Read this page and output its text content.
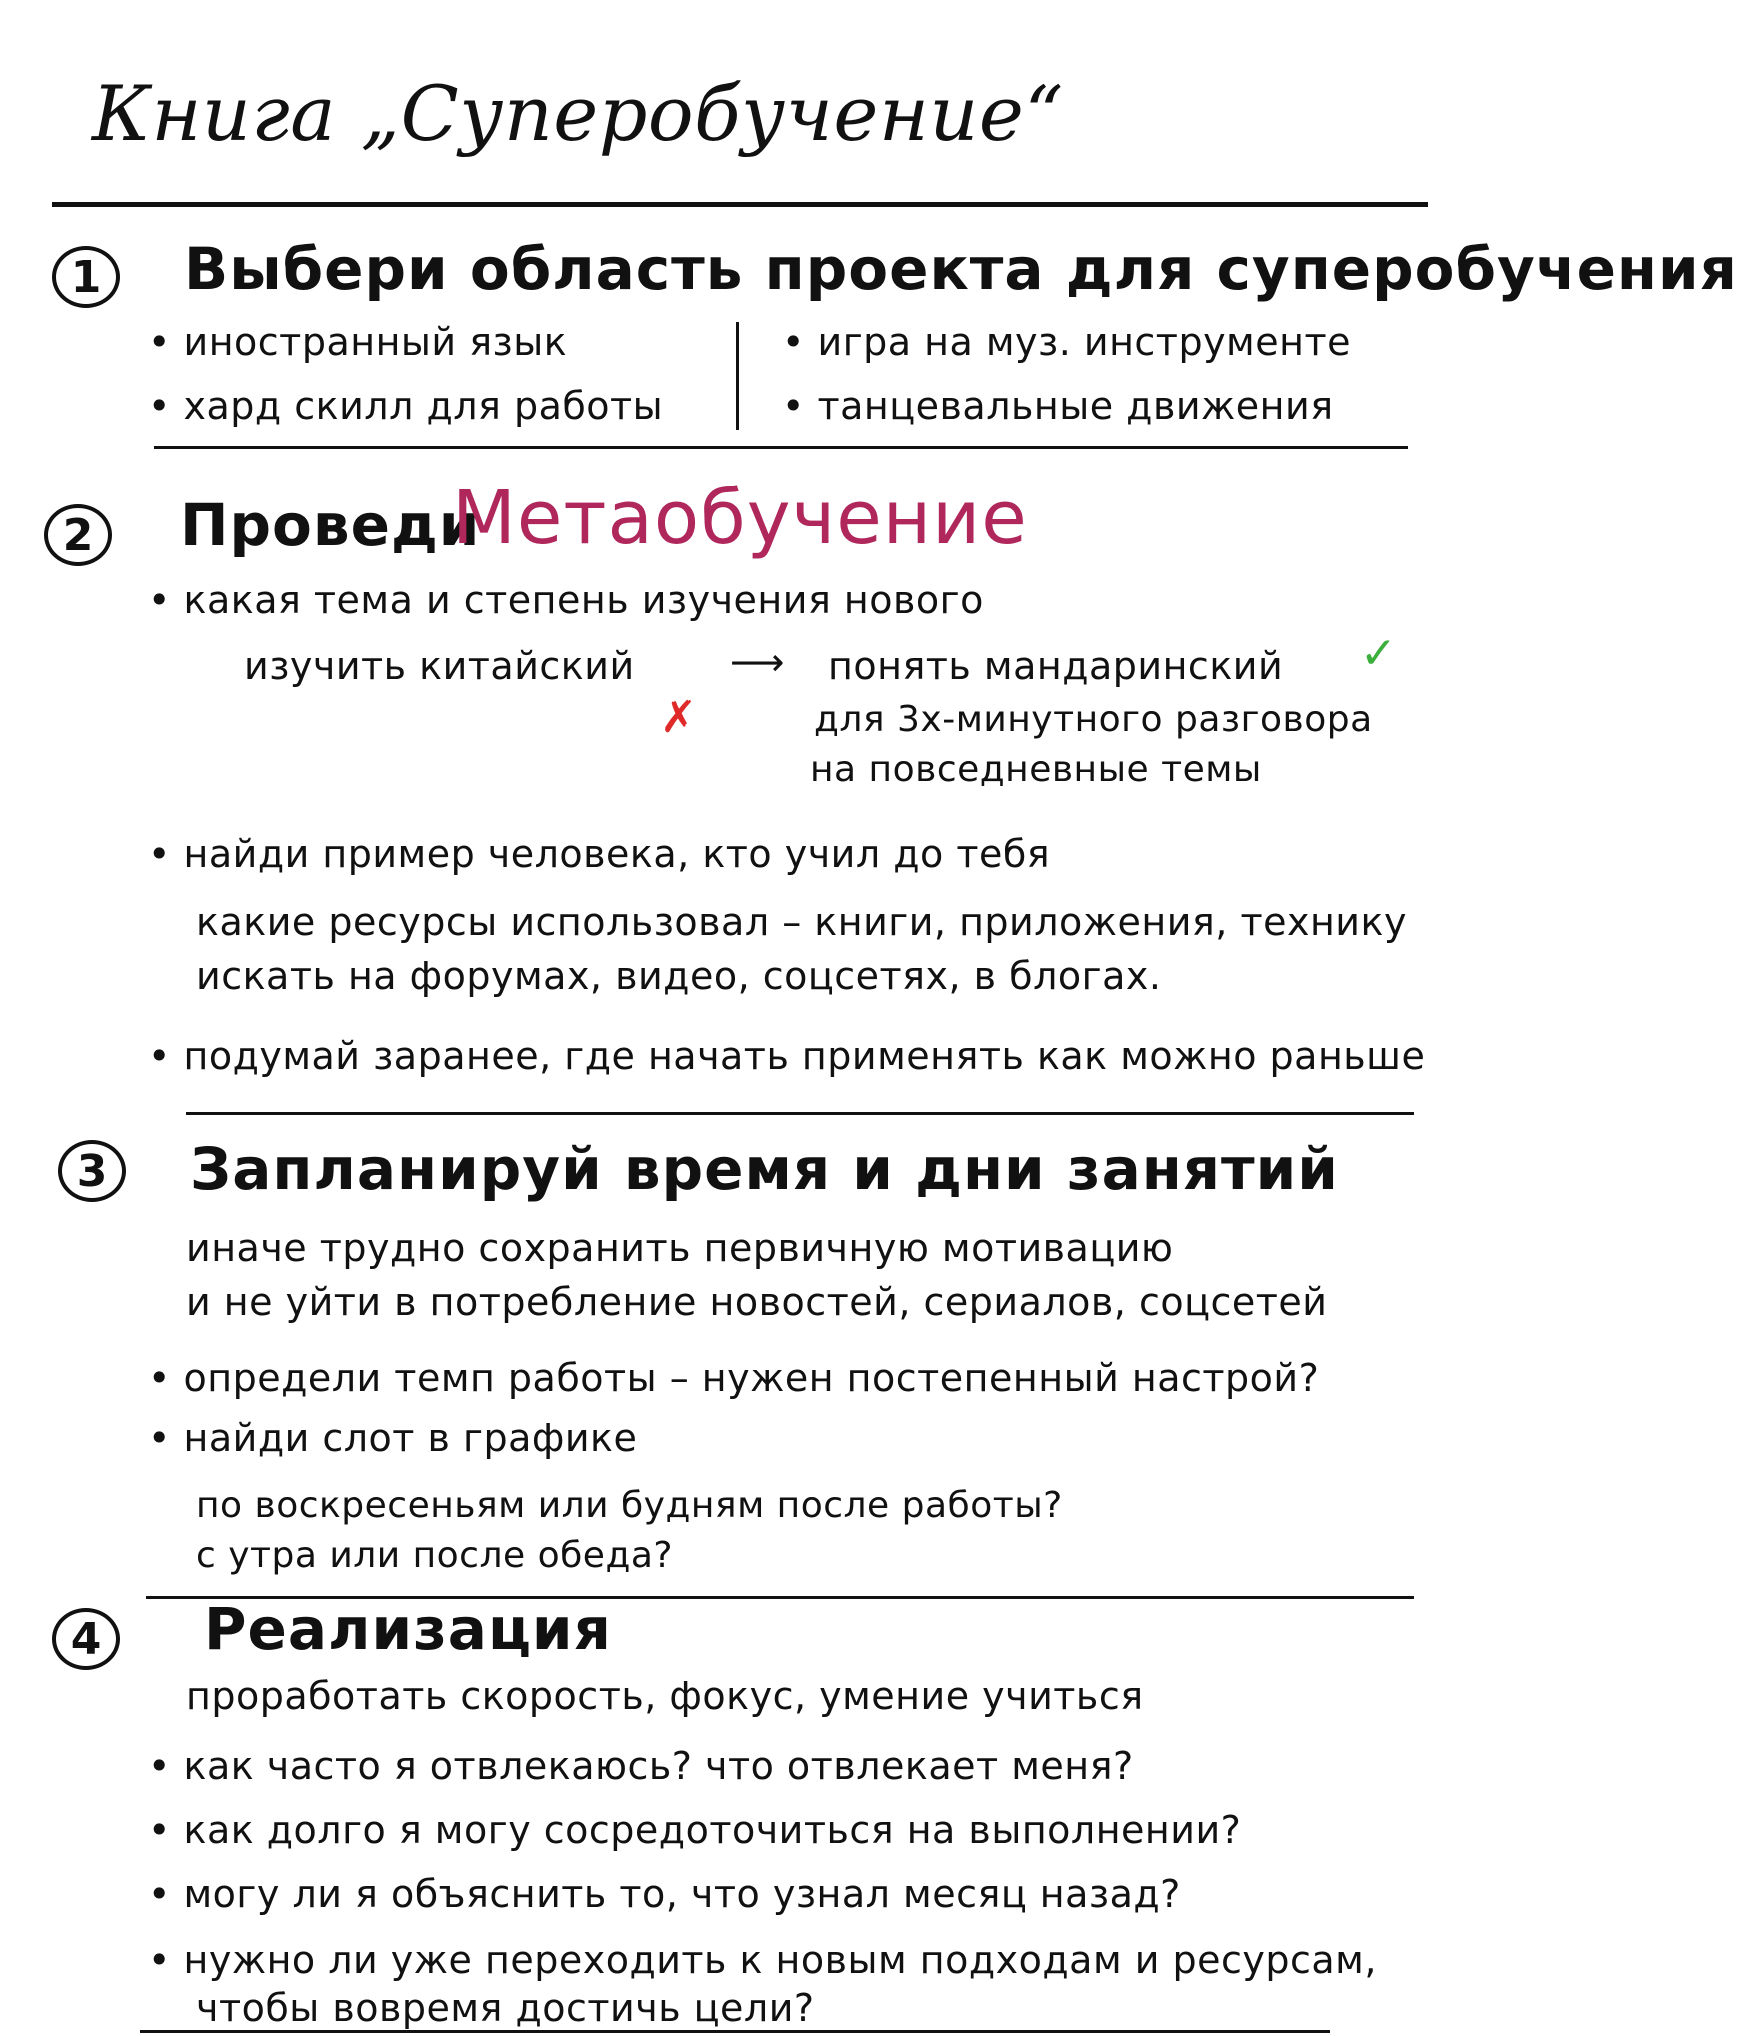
Книга „Суперобучение“
1	Выбери область проекта для суперобучения
• иностранный язык
• хард скилл для работы
• игра на муз. инструменте
• танцевальные движения
2	Проведи
Метаобучение
• какая тема и степень изучения нового
изучить китайский	⟶ понять мандаринский ✓
✗	для 3х-минутного разговора
на повседневные темы
• найди пример человека, кто учил до тебя
какие ресурсы использовал – книги, приложения, технику
искать на форумах, видео, соцсетях, в блогах.
• подумай заранее, где начать применять как можно раньше
3	Запланируй время и дни занятий
иначе трудно сохранить первичную мотивацию
и не уйти в потребление новостей, сериалов, соцсетей
• определи темп работы – нужен постепенный настрой?
• найди слот в графике
по воскресеньям или будням после работы?
с утра или после обеда?
4	Реализация
проработать скорость, фокус, умение учиться
• как часто я отвлекаюсь? что отвлекает меня?
• как долго я могу сосредоточиться на выполнении?
• могу ли я объяснить то, что узнал месяц назад?
• нужно ли уже переходить к новым подходам и ресурсам,
чтобы вовремя достичь цели?
